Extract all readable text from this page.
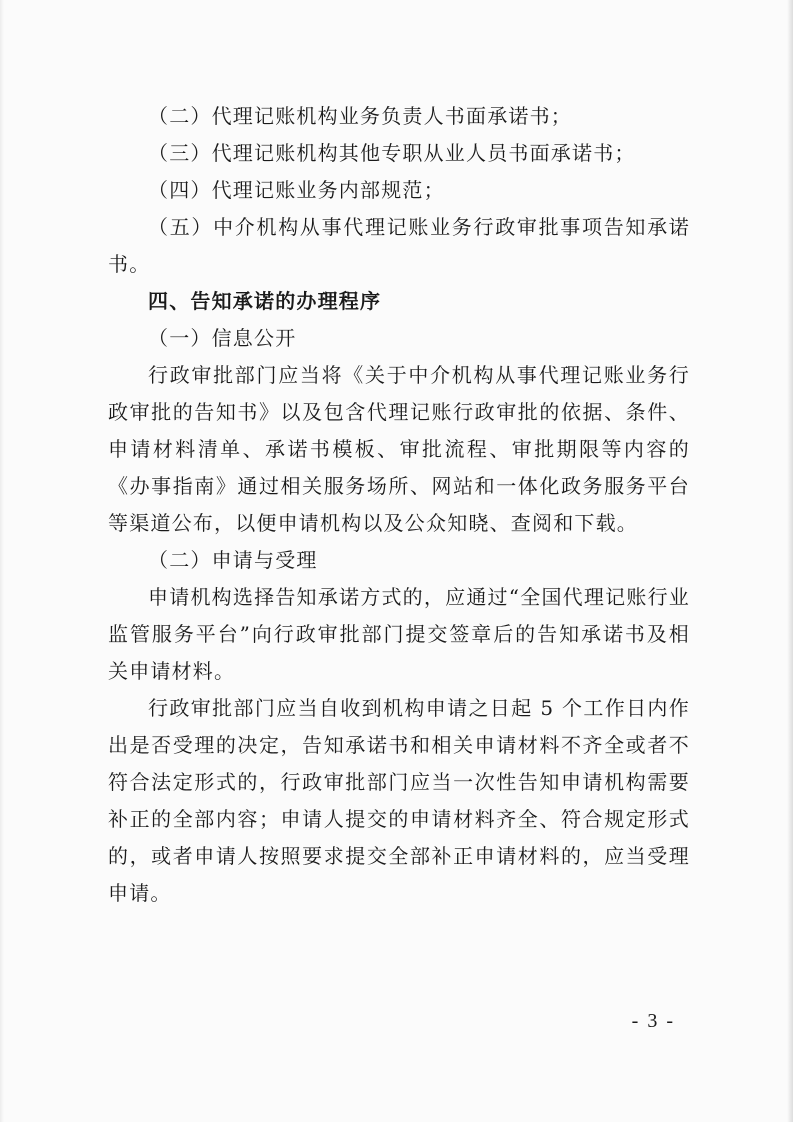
（二）代理记账机构业务负责人书面承诺书；

（三）代理记账机构其他专职从业人员书面承诺书；

（四）代理记账业务内部规范；

（五）中介机构从事代理记账业务行政审批事项告知承诺书。

四、告知承诺的办理程序

（一）信息公开

行政审批部门应当将《关于中介机构从事代理记账业务行政审批的告知书》以及包含代理记账行政审批的依据、条件、申请材料清单、承诺书模板、审批流程、审批期限等内容的《办事指南》通过相关服务场所、网站和一体化政务服务平台等渠道公布，以便申请机构以及公众知晓、查阅和下载。

（二）申请与受理

申请机构选择告知承诺方式的，应通过“全国代理记账行业监管服务平台”向行政审批部门提交签章后的告知承诺书及相关申请材料。

行政审批部门应当自收到机构申请之日起 5 个工作日内作出是否受理的决定，告知承诺书和相关申请材料不齐全或者不符合法定形式的，行政审批部门应当一次性告知申请机构需要补正的全部内容；申请人提交的申请材料齐全、符合规定形式的，或者申请人按照要求提交全部补正申请材料的，应当受理申请。

- 3 -
